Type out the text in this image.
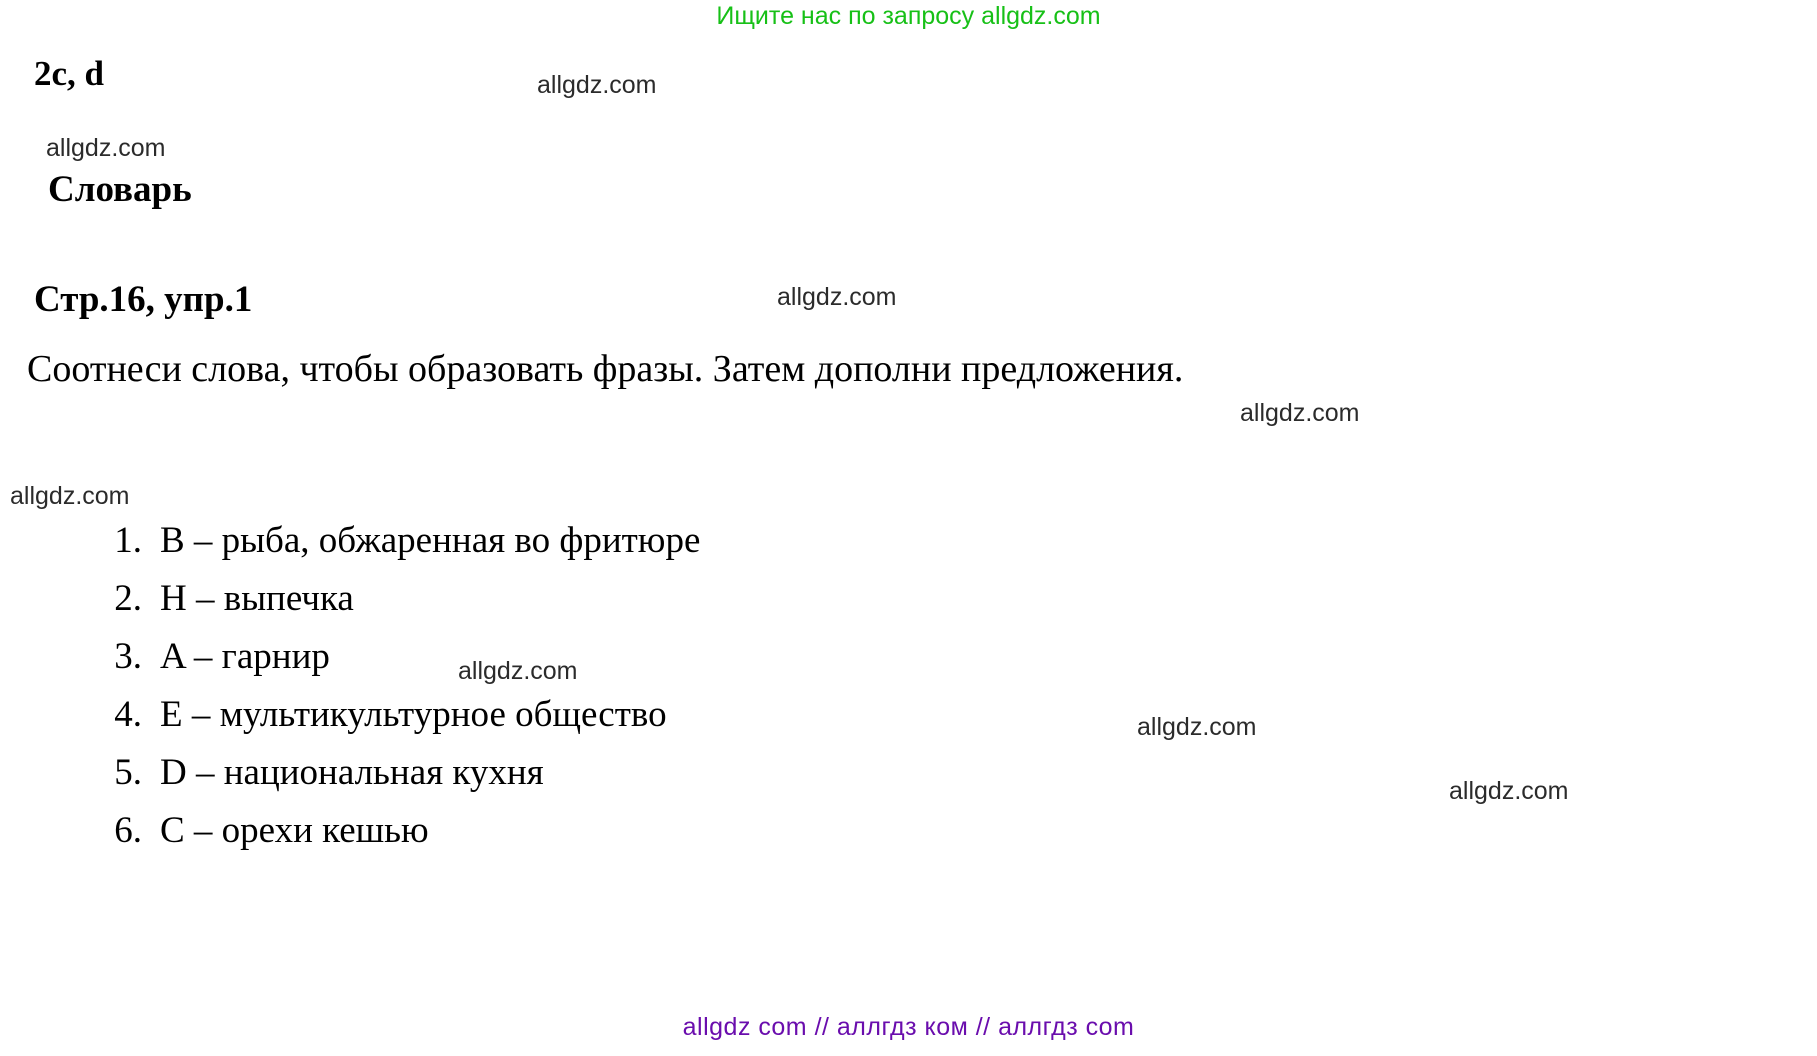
Ищите нас по запросу allgdz.com
allgdz.com
allgdz.com
allgdz.com
allgdz.com
allgdz.com
allgdz.com
allgdz.com
allgdz.com
2c, d
Словарь
Стр.16, упр.1
Соотнеси слова, чтобы образовать фразы. Затем дополни предложения.
1. B – рыба, обжаренная во фритюре
2. H – выпечка
3. A – гарнир
4. E – мультикультурное общество
5. D – национальная кухня
6. C – орехи кешью
allgdz com // аллгдз ком // аллгдз com
